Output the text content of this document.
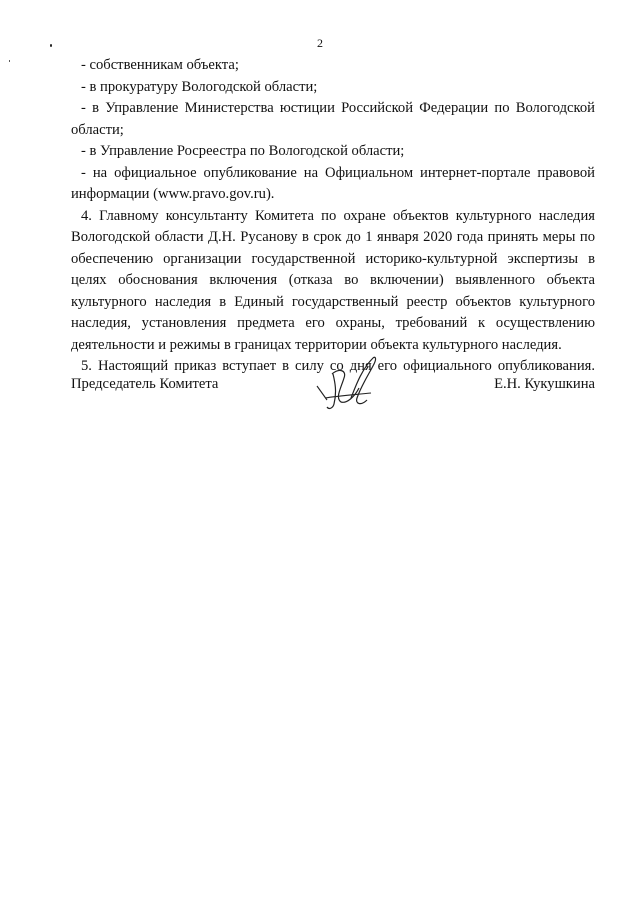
2

- собственникам объекта;

- в прокуратуру Вологодской области;

- в Управление Министерства юстиции Российской Федерации по Вологодской области;

- в Управление Росреестра по Вологодской области;

- на официальное опубликование на Официальном интернет-портале правовой информации (www.pravo.gov.ru).

4. Главному консультанту Комитета по охране объектов культурного наследия Вологодской области Д.Н. Русанову в срок до 1 января 2020 года принять меры по обеспечению организации государственной историко-культурной экспертизы в целях обоснования включения (отказа во включении) выявленного объекта культурного наследия в Единый государственный реестр объектов культурного наследия, установления предмета его охраны, требований к осуществлению деятельности и режимы в границах территории объекта культурного наследия.

5. Настоящий приказ вступает в силу со дня его официального опубликования.

Председатель Комитета	Е.Н. Кукушкина
